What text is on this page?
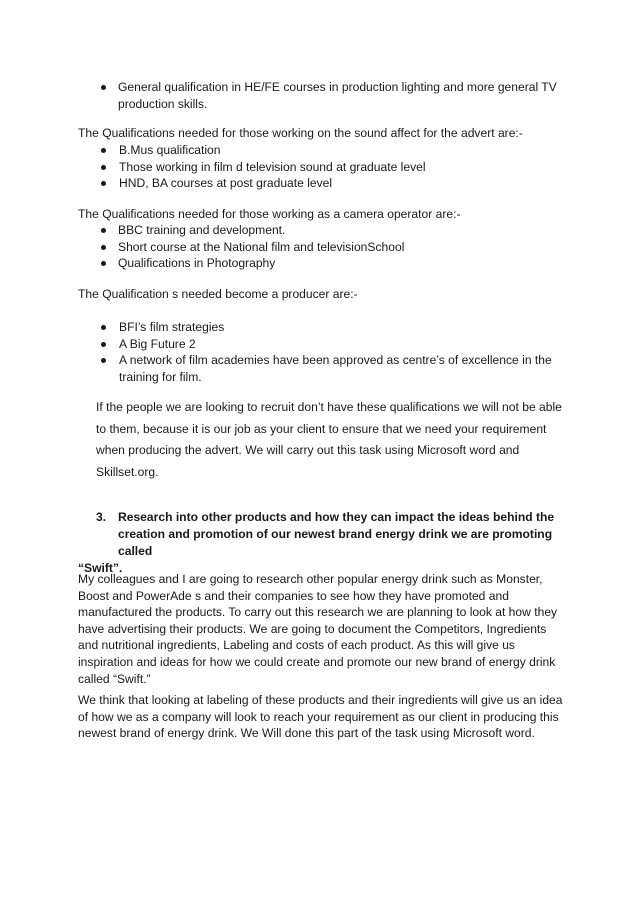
General qualification in HE/FE courses in production lighting and more general TV production skills.

The Qualifications needed for those working on the sound affect for the advert are:-

B.Mus qualification
Those working in film d television sound at graduate level
HND, BA courses at post graduate level

The Qualifications needed for those working as a camera operator are:-

BBC training and development.
Short course at the National film and televisionSchool
Qualifications in Photography

The Qualification s needed become a producer are:-

BFI’s film strategies
A Big Future 2
A network of film academies have been approved as centre’s of excellence in the training for film.

If the people we are looking to recruit don’t have these qualifications we will not be able to them, because it is our job as your client to ensure that we need your requirement when producing the advert. We will carry out this task using Microsoft word and Skillset.org.

3. Research into other products and how they can impact the ideas behind the
creation and promotion of our newest brand energy drink we are promoting called
“Swift”.

My colleagues and I are going to research other popular energy drink such as Monster, Boost and PowerAde s and their companies to see how they have promoted and manufactured the products. To carry out this research we are planning to look at how they have advertising their products. We are going to document the Competitors, Ingredients and nutritional ingredients, Labeling and costs of each product. As this will give us inspiration and ideas for how we could create and promote our new brand of energy drink called “Swift.”

We think that looking at labeling of these products and their ingredients will give us an idea of how we as a company will look to reach your requirement as our client in producing this newest brand of energy drink. We Will done this part of the task using Microsoft word.
